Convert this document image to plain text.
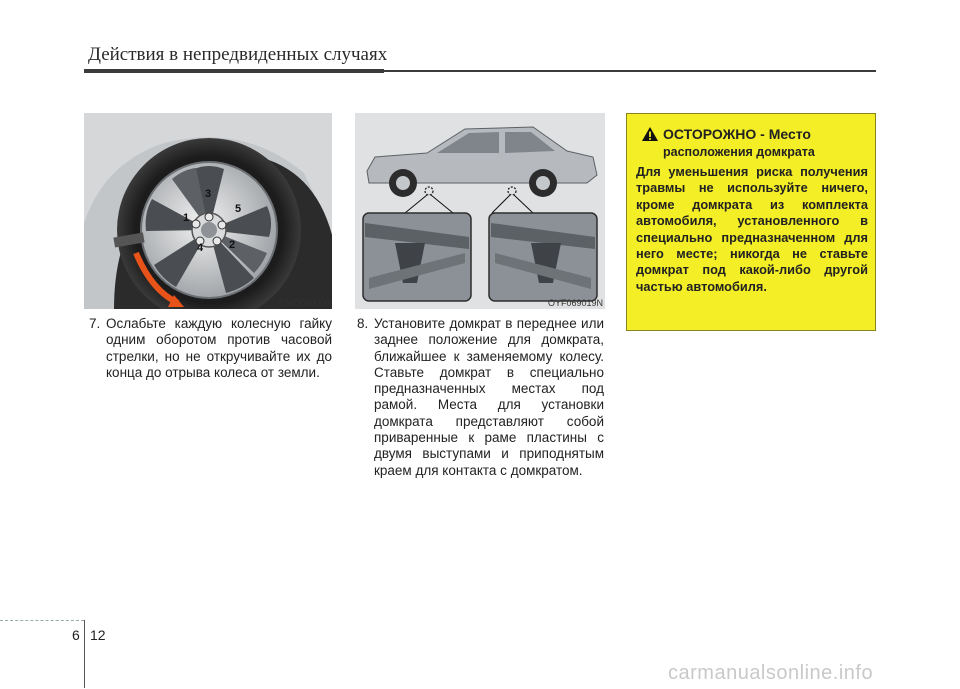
Действия в непредвиденных случаях
1
2
3
4
5
OMD060009	OYF069019N
7. Ослабьте каждую колесную гайку одним оборотом против часовой стрелки, но не откручивайте их до конца до отрыва колеса от земли.
8. Установите домкрат в переднее или заднее положение для домкрата, ближайшее к заменяемому колесу. Ставьте домкрат в специально предназначенных местах под рамой. Места для установки домкрата представляют собой приваренные к раме пластины с двумя выступами и приподнятым краем для контакта с домкратом.
ОСТОРОЖНО - Место
расположения домкрата
Для уменьшения риска получения травмы не используйте ничего, кроме домкрата из комплекта автомобиля, установленного в специально предназначенном для него месте; никогда не ставьте домкрат под какой-либо другой частью автомобиля.
6 12
carmanualsonline.info
